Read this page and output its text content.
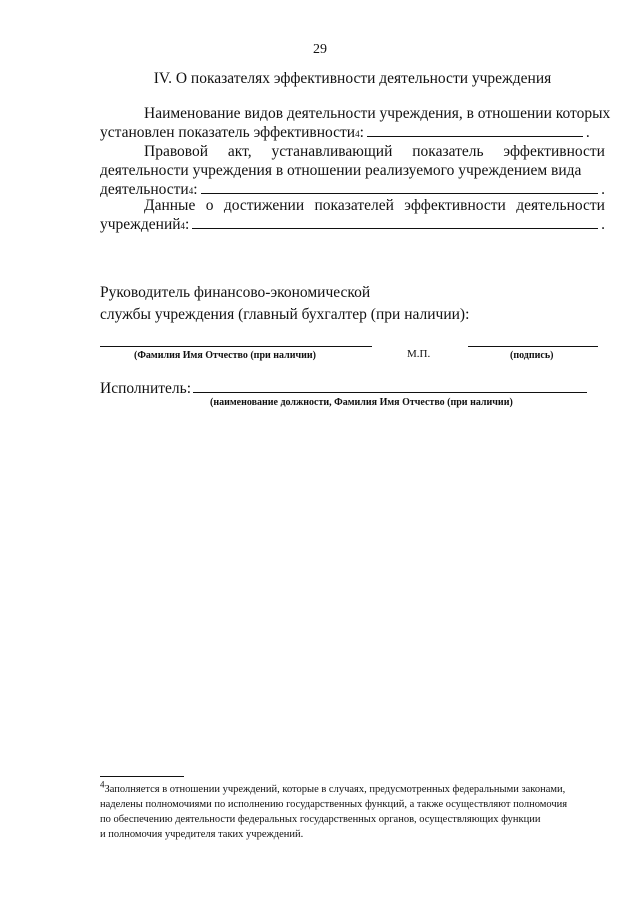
29
IV. О показателях эффективности деятельности учреждения
Наименование видов деятельности учреждения, в отношении которых
установлен показатель эффективности 4 :	.
Правовой акт, устанавливающий показатель эффективности
деятельности учреждения в отношении реализуемого учреждением вида
деятельности 4 :	.
Данные о достижении показателей эффективности деятельности
учреждений 4 :	.
Руководитель финансово-экономической
службы учреждения (главный бухгалтер (при наличии):
(Фамилия Имя Отчество (при наличии)	М.П.	(подпись)
Исполнитель:
(наименование должности, Фамилия Имя Отчество (при наличии)
$^4$Заполняется в отношении учреждений, которые в случаях, предусмотренных федеральными законами,
наделены полномочиями по исполнению государственных функций, а также осуществляют полномочия
по обеспечению деятельности федеральных государственных органов, осуществляющих функции
и полномочия учредителя таких учреждений.
